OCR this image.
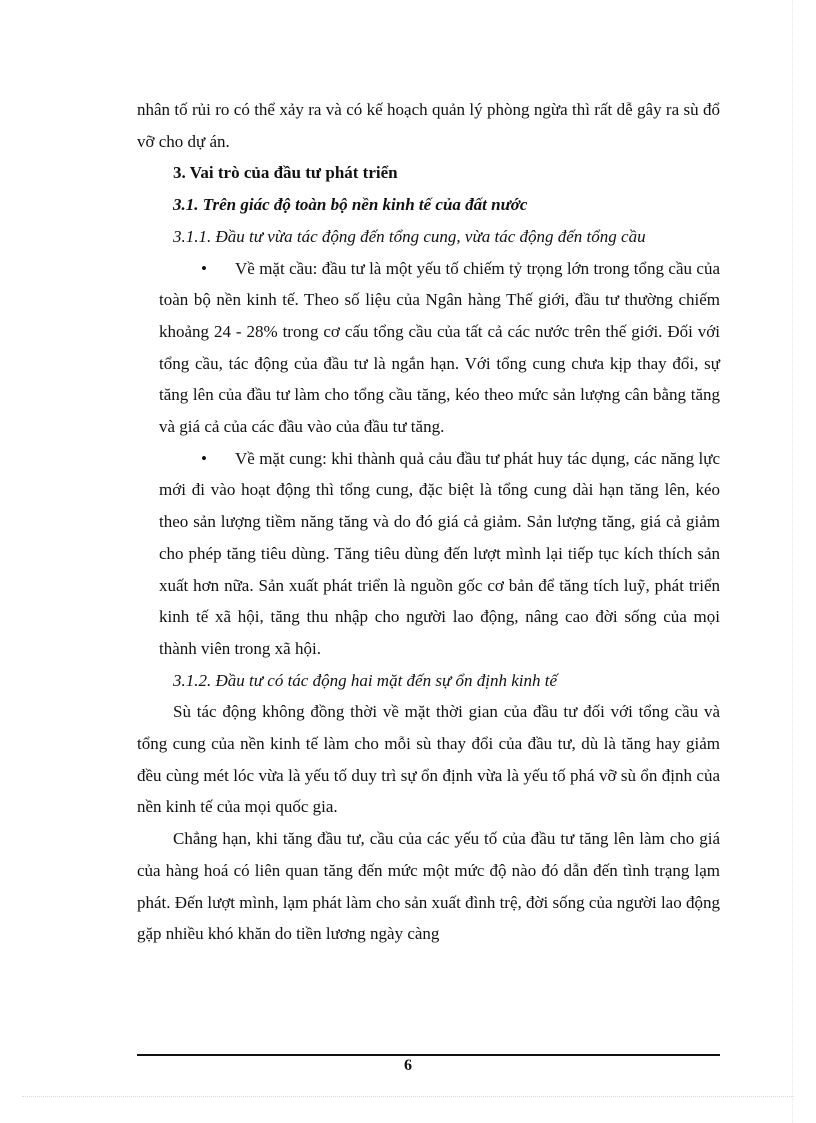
nhân tố rủi ro có thể xảy ra và có kế hoạch quản lý phòng ngừa thì rất dễ gây ra sù đổ vỡ cho dự án.

3. Vai trò của đầu tư phát triển

3.1. Trên giác độ toàn bộ nền kinh tế của đất nước

3.1.1. Đầu tư vừa tác động đến tổng cung, vừa tác động đến tổng cầu

•	Về mặt cầu: đầu tư là một yếu tố chiếm tỷ trọng lớn trong tổng cầu của toàn bộ nền kinh tế. Theo số liệu của Ngân hàng Thế giới, đầu tư thường chiếm khoảng 24 - 28% trong cơ cấu tổng cầu của tất cả các nước trên thế giới. Đối với tổng cầu, tác động của đầu tư là ngắn hạn. Với tổng cung chưa kịp thay đổi, sự tăng lên của đầu tư làm cho tổng cầu tăng, kéo theo mức sản lượng cân bằng tăng và giá cả của các đầu vào của đầu tư tăng.

•	Về mặt cung: khi thành quả cảu đầu tư phát huy tác dụng, các năng lực mới đi vào hoạt động thì tổng cung, đặc biệt là tổng cung dài hạn tăng lên, kéo theo sản lượng tiềm năng tăng và do đó giá cả giảm. Sản lượng tăng, giá cả giảm cho phép tăng tiêu dùng. Tăng tiêu dùng đến lượt mình lại tiếp tục kích thích sản xuất hơn nữa. Sản xuất phát triển là nguồn gốc cơ bản để tăng tích luỹ, phát triển kinh tế xã hội, tăng thu nhập cho người lao động, nâng cao đời sống của mọi thành viên trong xã hội.

3.1.2. Đầu tư có tác động hai mặt đến sự ổn định kinh tế

Sù tác động không đồng thời về mặt thời gian của đầu tư đối với tổng cầu và tổng cung của nền kinh tế làm cho mỗi sù thay đổi của đầu tư, dù là tăng hay giảm đều cùng mét lóc vừa là yếu tố duy trì sự ổn định vừa là yếu tố phá vỡ sù ổn định của nền kinh tế của mọi quốc gia.

Chẳng hạn, khi tăng đầu tư, cầu của các yếu tố của đầu tư tăng lên làm cho giá của hàng hoá có liên quan tăng đến mức một mức độ nào đó dẫn đến tình trạng lạm phát. Đến lượt mình, lạm phát làm cho sản xuất đình trệ, đời sống của người lao động gặp nhiều khó khăn do tiền lương ngày càng

6
